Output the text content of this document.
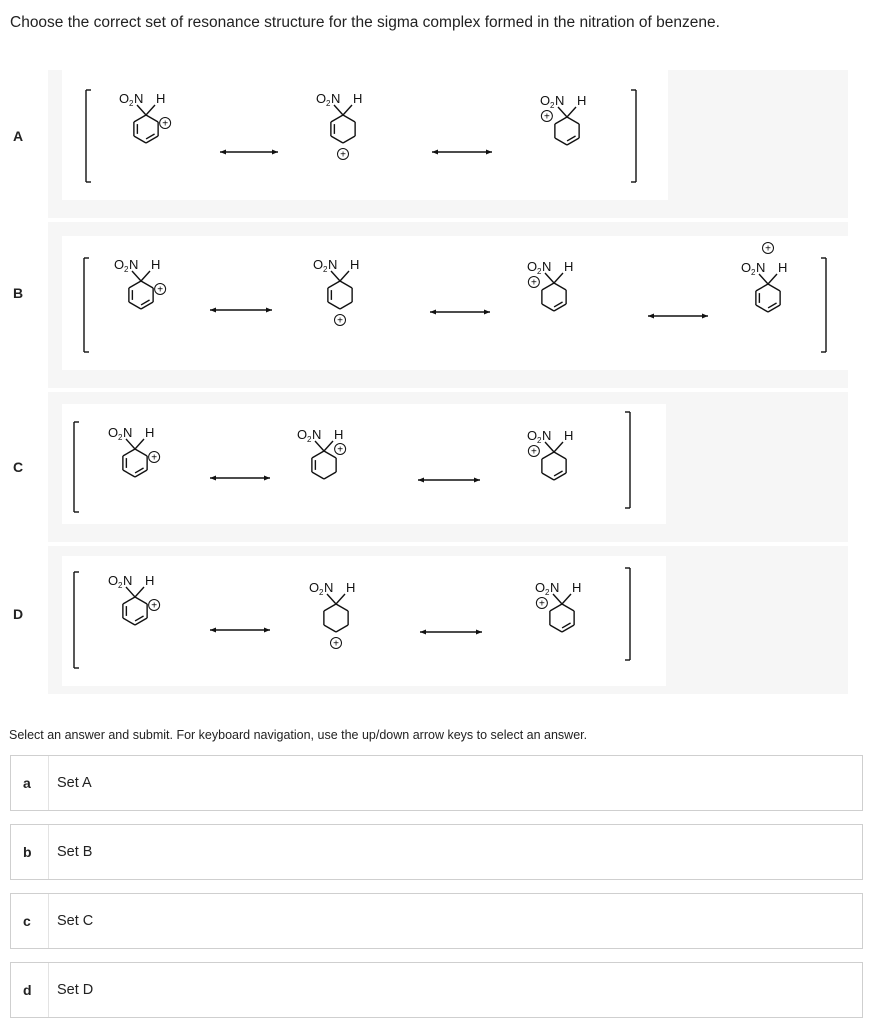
Choose the correct set of resonance structure for the sigma complex formed in the nitration of benzene.
A
B
C
D
O 2 N H
+
O 2 N H
+
O 2 N H
+
O 2 N H
+
O 2 N H
+
O 2 N H
+
O 2 N H
+
O 2 N H
+
O 2 N H
+
O 2 N H
+
O 2 N H
+
O 2 N H
+
O 2 N H
+
Select an answer and submit. For keyboard navigation, use the up/down arrow keys to select an answer.
a Set A
b Set B
c Set C
d Set D
